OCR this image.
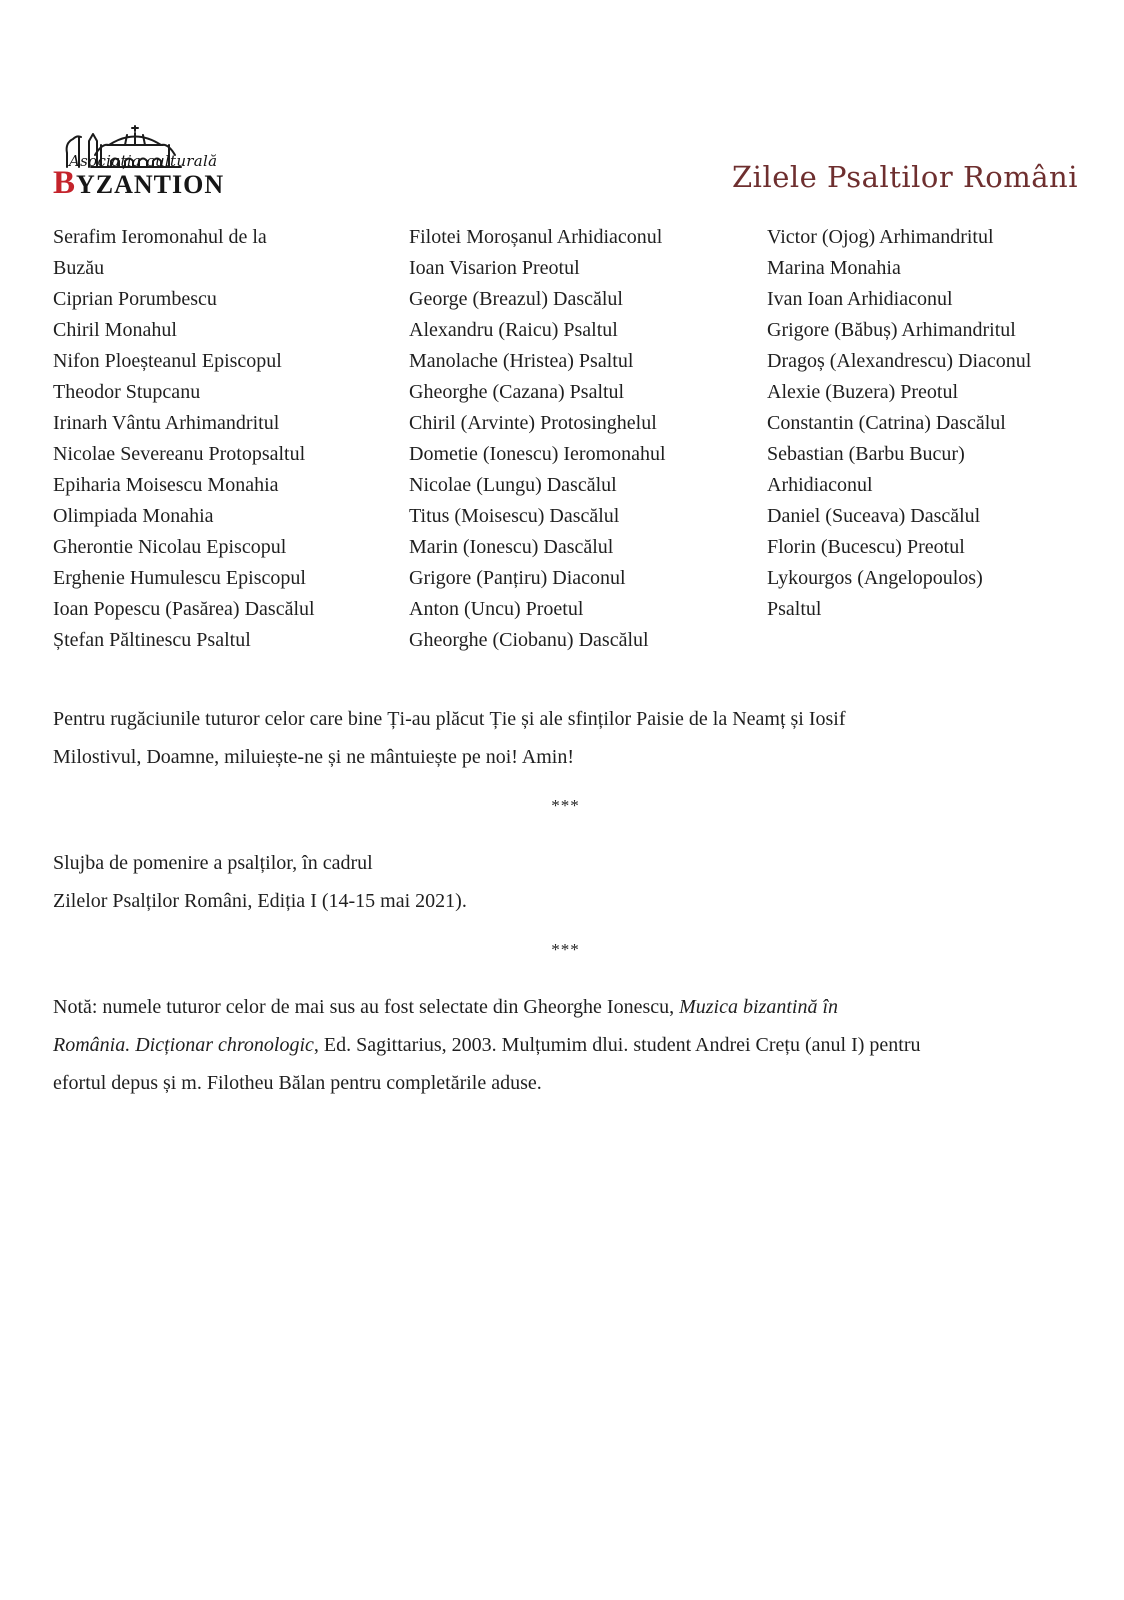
Asociația culturală
BYZANTION	Zilele Psaltilor Români
Serafim Ieromonahul de la
Buzău
Ciprian Porumbescu
Chiril Monahul
Nifon Ploeșteanul Episcopul
Theodor Stupcanu
Irinarh Vântu Arhimandritul
Nicolae Severeanu Protopsaltul
Epiharia Moisescu Monahia
Olimpiada Monahia
Gherontie Nicolau Episcopul
Erghenie Humulescu Episcopul
Ioan Popescu (Pasărea) Dascălul
Ștefan Păltinescu Psaltul
Filotei Moroșanul Arhidiaconul
Ioan Visarion Preotul
George (Breazul) Dascălul
Alexandru (Raicu) Psaltul
Manolache (Hristea) Psaltul
Gheorghe (Cazana) Psaltul
Chiril (Arvinte) Protosinghelul
Dometie (Ionescu) Ieromonahul
Nicolae (Lungu) Dascălul
Titus (Moisescu) Dascălul
Marin (Ionescu) Dascălul
Grigore (Panțiru) Diaconul
Anton (Uncu) Proetul
Gheorghe (Ciobanu) Dascălul
Victor (Ojog) Arhimandritul
Marina Monahia
Ivan Ioan Arhidiaconul
Grigore (Băbuș) Arhimandritul
Dragoș (Alexandrescu) Diaconul
Alexie (Buzera) Preotul
Constantin (Catrina) Dascălul
Sebastian (Barbu Bucur)
Arhidiaconul
Daniel (Suceava) Dascălul
Florin (Bucescu) Preotul
Lykourgos (Angelopoulos)
Psaltul
Pentru rugăciunile tuturor celor care bine Ți-au plăcut Ție și ale sfinților Paisie de la Neamț și Iosif
Milostivul, Doamne, miluiește-ne și ne mântuiește pe noi! Amin!
***
Slujba de pomenire a psalților, în cadrul
Zilelor Psalților Români, Ediția I (14-15 mai 2021).
***
Notă: numele tuturor celor de mai sus au fost selectate din Gheorghe Ionescu, Muzica bizantină în
România. Dicționar chronologic, Ed. Sagittarius, 2003. Mulțumim dlui. student Andrei Crețu (anul I) pentru
efortul depus și m. Filotheu Bălan pentru completările aduse.
